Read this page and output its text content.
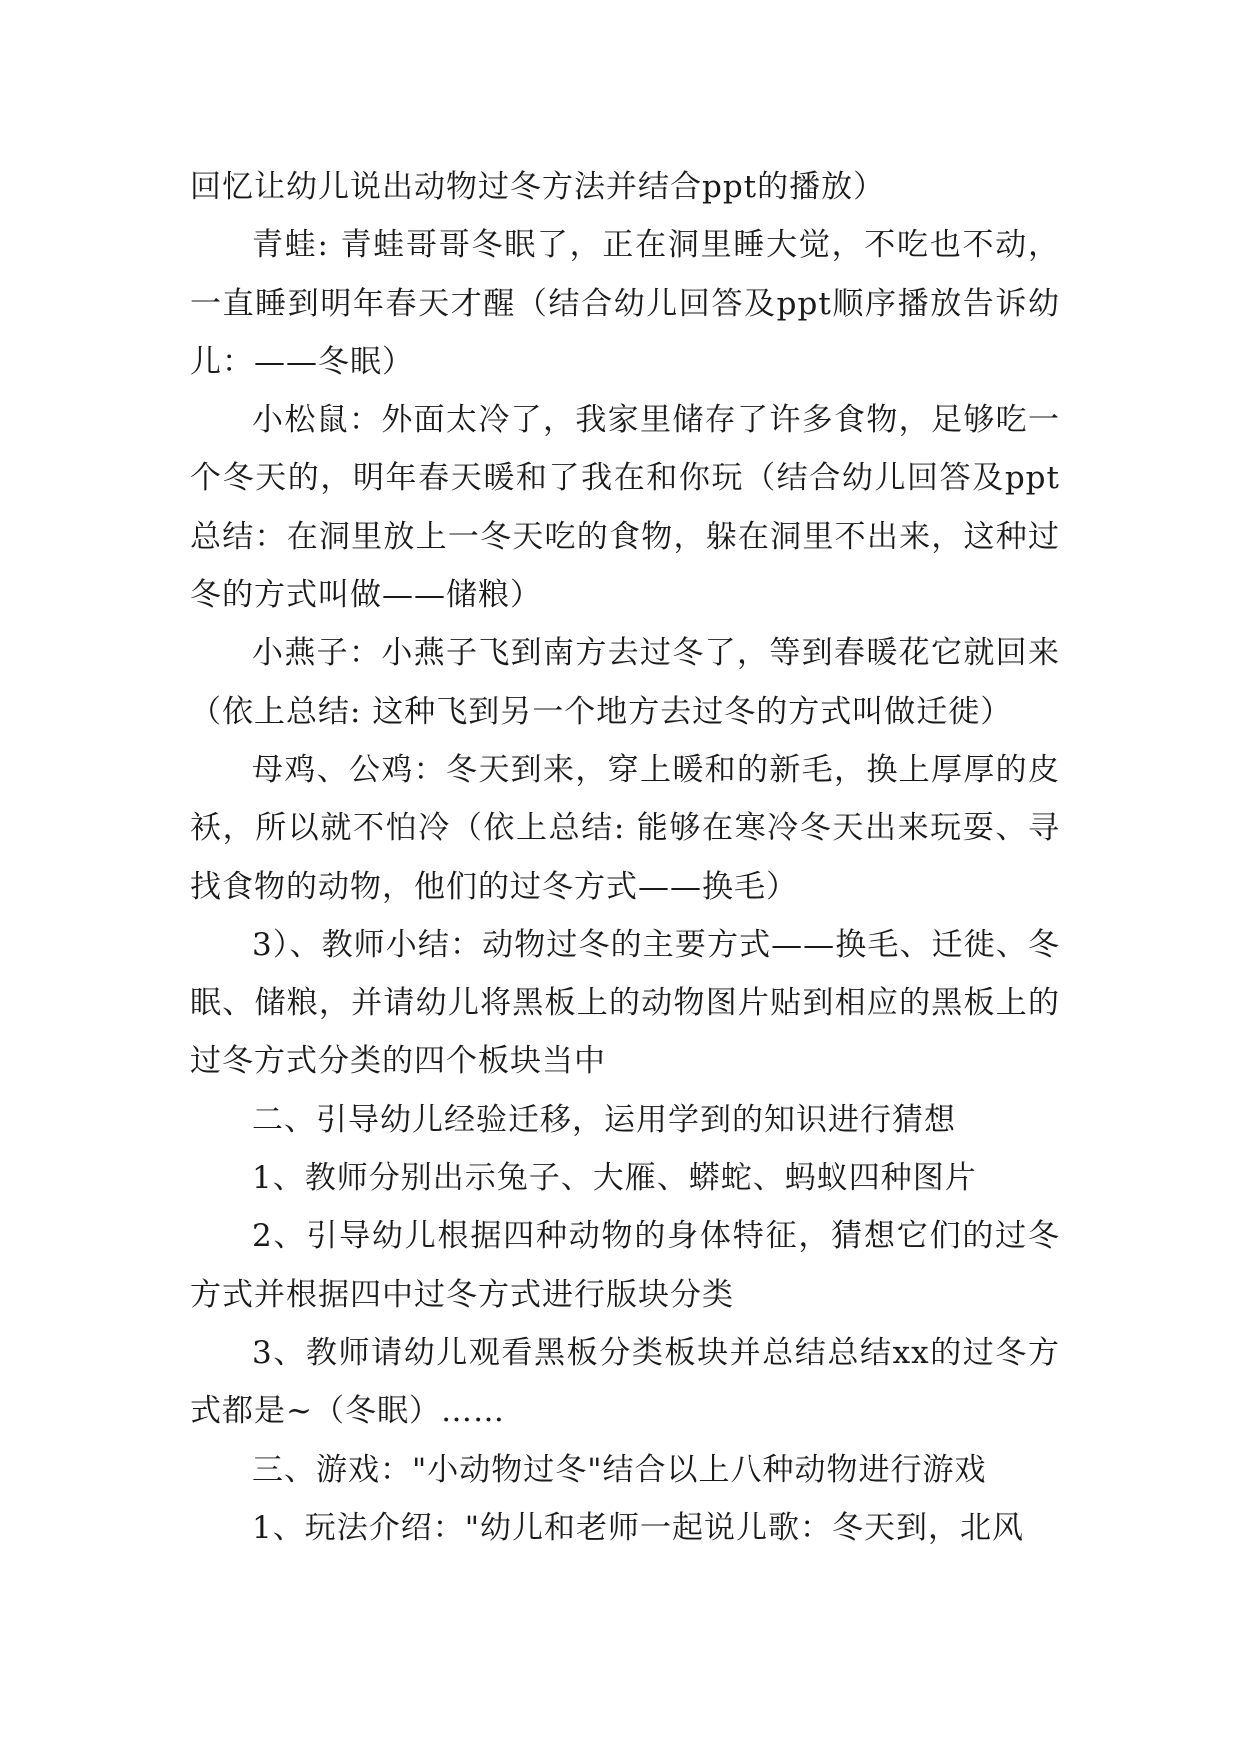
回忆让幼儿说出动物过冬方法并结合ppt的播放）

青蛙: 青蛙哥哥冬眠了，正在洞里睡大觉，不吃也不动，一直睡到明年春天才醒（结合幼儿回答及ppt顺序播放告诉幼儿：——冬眠）

小松鼠：外面太冷了，我家里储存了许多食物，足够吃一个冬天的，明年春天暖和了我在和你玩（结合幼儿回答及ppt总结：在洞里放上一冬天吃的食物，躲在洞里不出来，这种过冬的方式叫做——储粮）

小燕子：小燕子飞到南方去过冬了，等到春暖花它就回来（依上总结: 这种飞到另一个地方去过冬的方式叫做迁徙）

母鸡、公鸡：冬天到来，穿上暖和的新毛，换上厚厚的皮袄，所以就不怕冷（依上总结: 能够在寒冷冬天出来玩耍、寻找食物的动物，他们的过冬方式——换毛）

3）、教师小结：动物过冬的主要方式——换毛、迁徙、冬眠、储粮，并请幼儿将黑板上的动物图片贴到相应的黑板上的过冬方式分类的四个板块当中

二、引导幼儿经验迁移，运用学到的知识进行猜想

1、教师分别出示兔子、大雁、蟒蛇、蚂蚁四种图片

2、引导幼儿根据四种动物的身体特征，猜想它们的过冬方式并根据四中过冬方式进行版块分类

3、教师请幼儿观看黑板分类板块并总结总结xx的过冬方式都是~（冬眠）……

三、游戏："小动物过冬"结合以上八种动物进行游戏

1、玩法介绍："幼儿和老师一起说儿歌：冬天到，北风
